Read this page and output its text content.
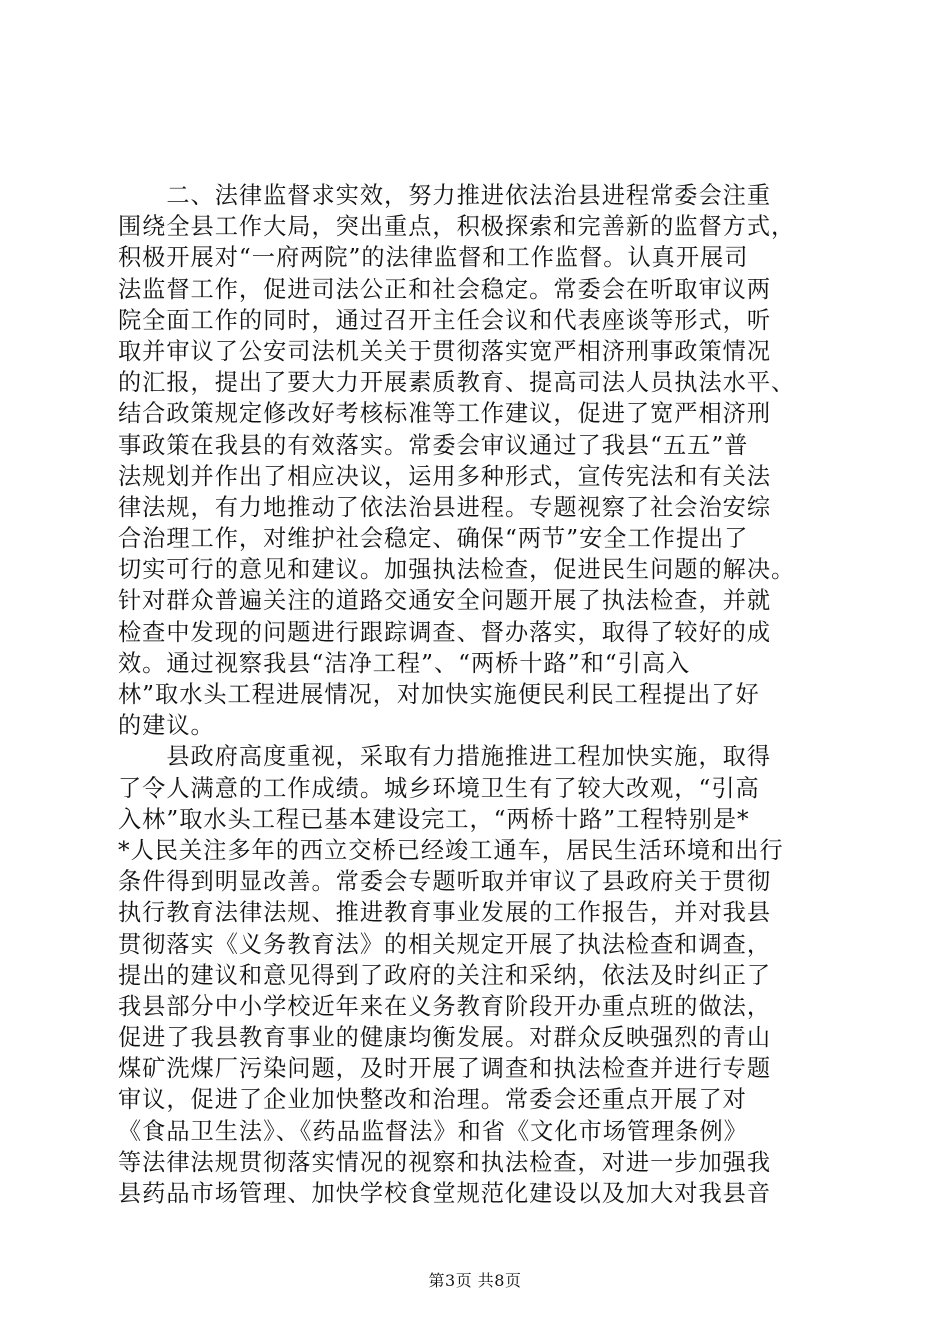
　　二、法律监督求实效，努力推进依法治县进程常委会注重
围绕全县工作大局，突出重点，积极探索和完善新的监督方式，
积极开展对“一府两院”的法律监督和工作监督。认真开展司
法监督工作，促进司法公正和社会稳定。常委会在听取审议两
院全面工作的同时，通过召开主任会议和代表座谈等形式，听
取并审议了公安司法机关关于贯彻落实宽严相济刑事政策情况
的汇报，提出了要大力开展素质教育、提高司法人员执法水平、
结合政策规定修改好考核标准等工作建议，促进了宽严相济刑
事政策在我县的有效落实。常委会审议通过了我县“五五”普
法规划并作出了相应决议，运用多种形式，宣传宪法和有关法
律法规，有力地推动了依法治县进程。专题视察了社会治安综
合治理工作，对维护社会稳定、确保“两节”安全工作提出了
切实可行的意见和建议。加强执法检查，促进民生问题的解决。
针对群众普遍关注的道路交通安全问题开展了执法检查，并就
检查中发现的问题进行跟踪调查、督办落实，取得了较好的成
效。通过视察我县“洁净工程”、“两桥十路”和“引高入
林”取水头工程进展情况，对加快实施便民利民工程提出了好
的建议。
　　县政府高度重视，采取有力措施推进工程加快实施，取得
了令人满意的工作成绩。城乡环境卫生有了较大改观，“引高
入林”取水头工程已基本建设完工，“两桥十路”工程特别是*
*人民关注多年的西立交桥已经竣工通车，居民生活环境和出行
条件得到明显改善。常委会专题听取并审议了县政府关于贯彻
执行教育法律法规、推进教育事业发展的工作报告，并对我县
贯彻落实《义务教育法》的相关规定开展了执法检查和调查，
提出的建议和意见得到了政府的关注和采纳，依法及时纠正了
我县部分中小学校近年来在义务教育阶段开办重点班的做法，
促进了我县教育事业的健康均衡发展。对群众反映强烈的青山
煤矿洗煤厂污染问题，及时开展了调查和执法检查并进行专题
审议，促进了企业加快整改和治理。常委会还重点开展了对
《食品卫生法》、《药品监督法》和省《文化市场管理条例》
等法律法规贯彻落实情况的视察和执法检查，对进一步加强我
县药品市场管理、加快学校食堂规范化建设以及加大对我县音
第3页 共8页
